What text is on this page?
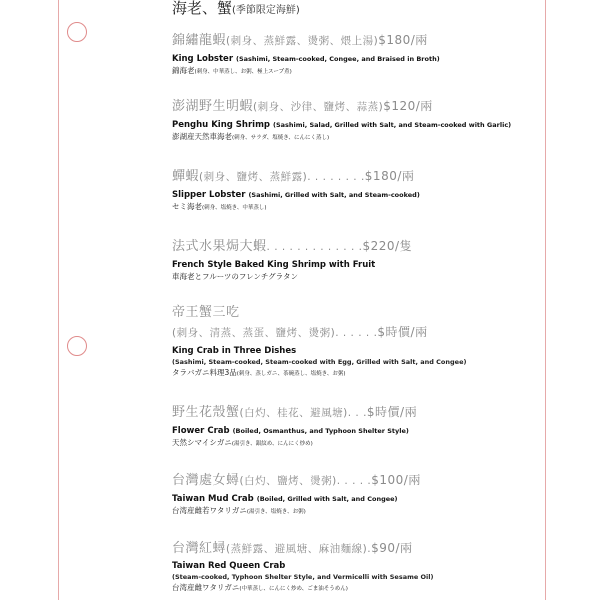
海老、蟹(季節限定海鮮)
錦繡龍蝦(刺身、蒸鮮露、燙粥、煨上湯)$180/兩
King Lobster (Sashimi, Steam-cooked, Congee, and Braised in Broth)
錦海老(刺身、中華蒸し、お粥、極上スープ煮)
澎湖野生明蝦(刺身、沙律、鹽烤、蒜蒸)$120/兩
Penghu King Shrimp (Sashimi, Salad, Grilled with Salt, and Steam-cooked with Garlic)
澎湖産天然車海老(刺身、サラダ、塩焼き、にんにく蒸し)
蟬蝦(刺身、鹽烤、蒸鮮露). . . . . . . .$180/兩
Slipper Lobster (Sashimi, Grilled with Salt, and Steam-cooked)
セミ海老(刺身、塩焼き、中華蒸し)
法式水果焗大蝦. . . . . . . . . . . . .$220/隻
French Style Baked King Shrimp with Fruit
車海老とフルーツのフレンチグラタン
帝王蟹三吃
(刺身、清蒸、蒸蛋、鹽烤、燙粥). . . . . .$時價/兩
King Crab in Three Dishes
(Sashimi, Steam-cooked, Steam-cooked with Egg, Grilled with Salt, and Congee)
タラバガニ料理3品(刺身、蒸しガニ、茶碗蒸し、塩焼き、お粥)
野生花殼蟹(白灼、桂花、避風塘). . .$時價/兩
Flower Crab (Boiled, Osmanthus, and Typhoon Shelter Style)
天然シマイシガニ(湯引き、銀紋め、にんにく炒め)
台灣處女蟳(白灼、鹽烤、燙粥). . . . .$100/兩
Taiwan Mud Crab (Boiled, Grilled with Salt, and Congee)
台湾産雌若ワタリガニ(湯引き、塩焼き、お粥)
台灣紅蟳(蒸鮮露、避風塘、麻油麵線).$90/兩
Taiwan Red Queen Crab
(Steam-cooked, Typhoon Shelter Style, and Vermicelli with Sesame Oil)
台湾産雌ワタリガニ(中華蒸し、にんにく炒め、ごま油そうめん)
